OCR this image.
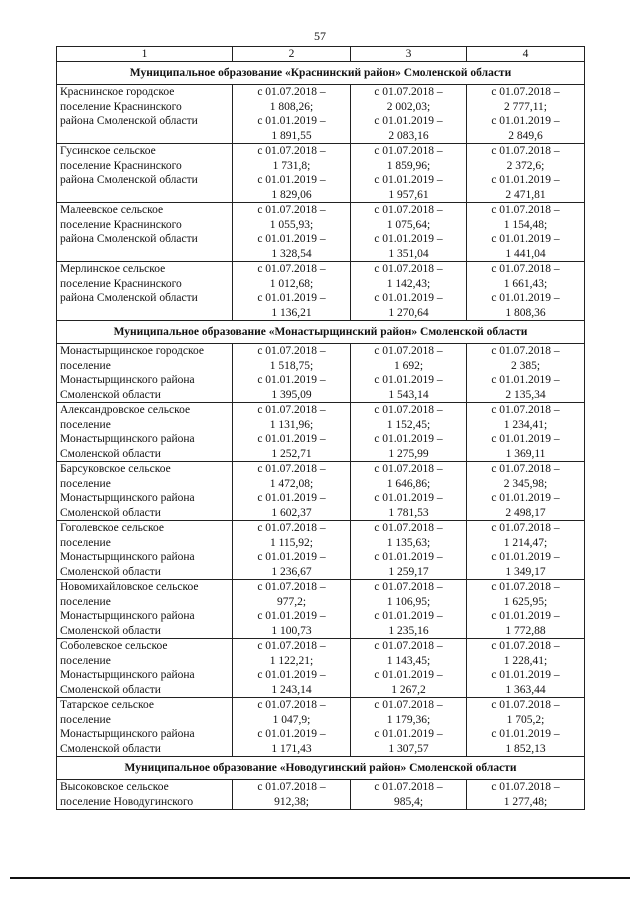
57
1	2	3	4
Муниципальное образование «Краснинский район» Смоленской области			

Краснинское городское
поселение Краснинского
района Смоленской области	с 01.07.2018 –
1 808,26;
с 01.01.2019 –
1 891,55	с 01.07.2018 –
2 002,03;
с 01.01.2019 –
2 083,16	с 01.07.2018 –
2 777,11;
с 01.01.2019 –
2 849,6

Гусинское сельское
поселение Краснинского
района Смоленской области	с 01.07.2018 –
1 731,8;
с 01.01.2019 –
1 829,06	с 01.07.2018 –
1 859,96;
с 01.01.2019 –
1 957,61	с 01.07.2018 –
2 372,6;
с 01.01.2019 –
2 471,81

Малеевское сельское
поселение Краснинского
района Смоленской области	с 01.07.2018 –
1 055,93;
с 01.01.2019 –
1 328,54	с 01.07.2018 –
1 075,64;
с 01.01.2019 –
1 351,04	с 01.07.2018 –
1 154,48;
с 01.01.2019 –
1 441,04

Мерлинское сельское
поселение Краснинского
района Смоленской области	с 01.07.2018 –
1 012,68;
с 01.01.2019 –
1 136,21	с 01.07.2018 –
1 142,43;
с 01.01.2019 –
1 270,64	с 01.07.2018 –
1 661,43;
с 01.01.2019 –
1 808,36

Муниципальное образование «Монастырщинский район» Смоленской области			

Монастырщинское городское
поселение
Монастырщинского района
Смоленской области	с 01.07.2018 –
1 518,75;
с 01.01.2019 –
1 395,09	с 01.07.2018 –
1 692;
с 01.01.2019 –
1 543,14	с 01.07.2018 –
2 385;
с 01.01.2019 –
2 135,34

Александровское сельское
поселение
Монастырщинского района
Смоленской области	с 01.07.2018 –
1 131,96;
с 01.01.2019 –
1 252,71	с 01.07.2018 –
1 152,45;
с 01.01.2019 –
1 275,99	с 01.07.2018 –
1 234,41;
с 01.01.2019 –
1 369,11

Барсуковское сельское
поселение
Монастырщинского района
Смоленской области	с 01.07.2018 –
1 472,08;
с 01.01.2019 –
1 602,37	с 01.07.2018 –
1 646,86;
с 01.01.2019 –
1 781,53	с 01.07.2018 –
2 345,98;
с 01.01.2019 –
2 498,17

Гоголевское сельское
поселение
Монастырщинского района
Смоленской области	с 01.07.2018 –
1 115,92;
с 01.01.2019 –
1 236,67	с 01.07.2018 –
1 135,63;
с 01.01.2019 –
1 259,17	с 01.07.2018 –
1 214,47;
с 01.01.2019 –
1 349,17

Новомихайловское сельское
поселение
Монастырщинского района
Смоленской области	с 01.07.2018 –
977,2;
с 01.01.2019 –
1 100,73	с 01.07.2018 –
1 106,95;
с 01.01.2019 –
1 235,16	с 01.07.2018 –
1 625,95;
с 01.01.2019 –
1 772,88

Соболевское сельское
поселение
Монастырщинского района
Смоленской области	с 01.07.2018 –
1 122,21;
с 01.01.2019 –
1 243,14	с 01.07.2018 –
1 143,45;
с 01.01.2019 –
1 267,2	с 01.07.2018 –
1 228,41;
с 01.01.2019 –
1 363,44

Татарское сельское
поселение
Монастырщинского района
Смоленской области	с 01.07.2018 –
1 047,9;
с 01.01.2019 –
1 171,43	с 01.07.2018 –
1 179,36;
с 01.01.2019 –
1 307,57	с 01.07.2018 –
1 705,2;
с 01.01.2019 –
1 852,13

Муниципальное образование «Новодугинский район» Смоленской области			

Высоковское сельское
поселение Новодугинского	с 01.07.2018 –
912,38;	с 01.07.2018 –
985,4;	с 01.07.2018 –
1 277,48;
